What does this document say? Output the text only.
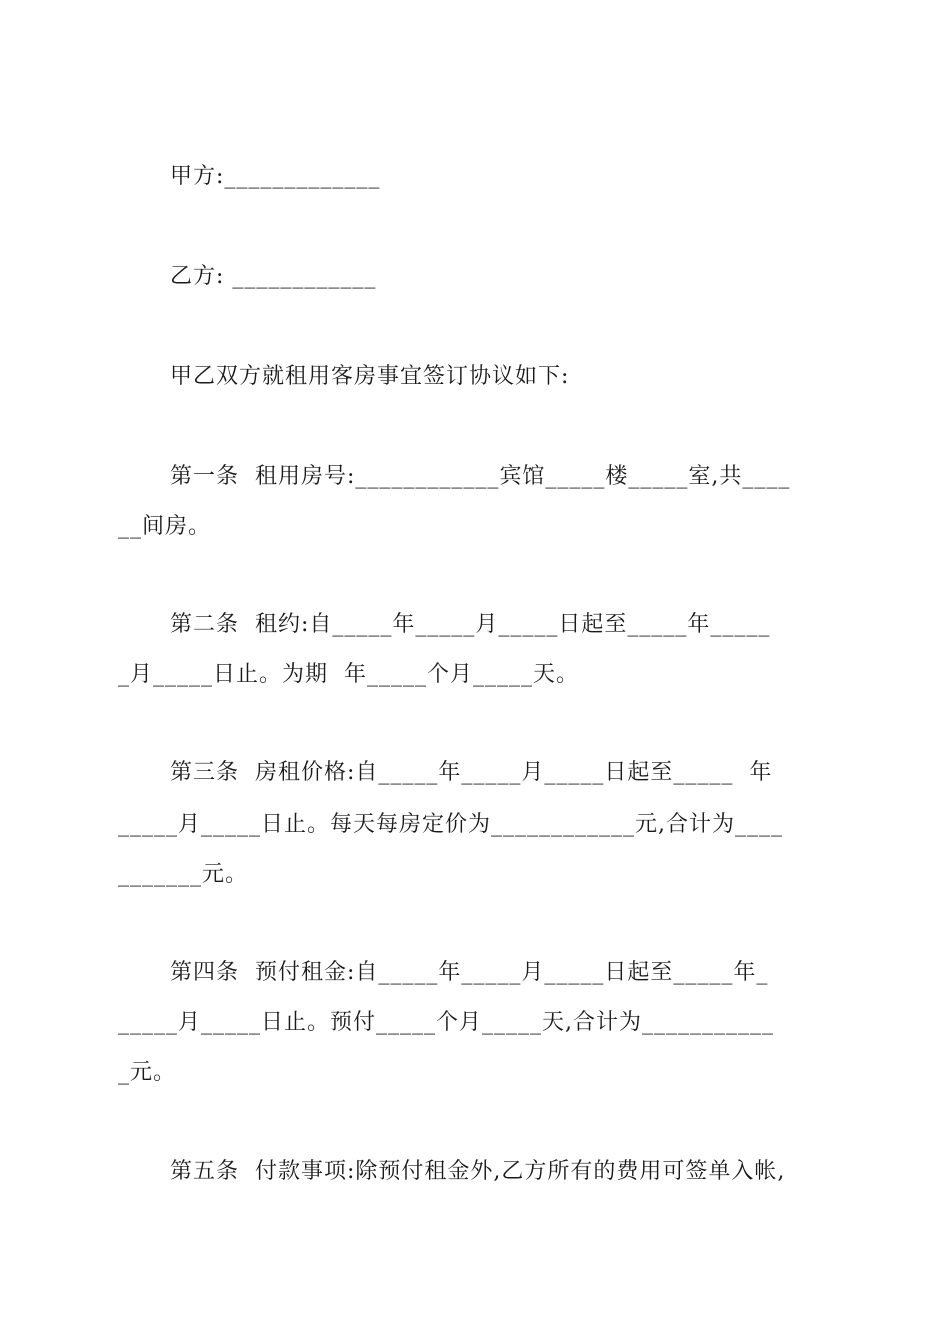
甲方:_____________
乙方: ____________
甲乙双方就租用客房事宜签订协议如下:
第一条  租用房号:____________宾馆_____楼_____室,共____
__间房。
第二条  租约:自_____年_____月_____日起至_____年_____
_月_____日止。为期  年_____个月_____天。
第三条  房租价格:自_____年_____月_____日起至_____  年
_____月_____日止。每天每房定价为____________元,合计为____
_______元。
第四条  预付租金:自_____年_____月_____日起至_____年_
_____月_____日止。预付_____个月_____天,合计为___________
_元。
第五条  付款事项:除预付租金外,乙方所有的费用可签单入帐,
